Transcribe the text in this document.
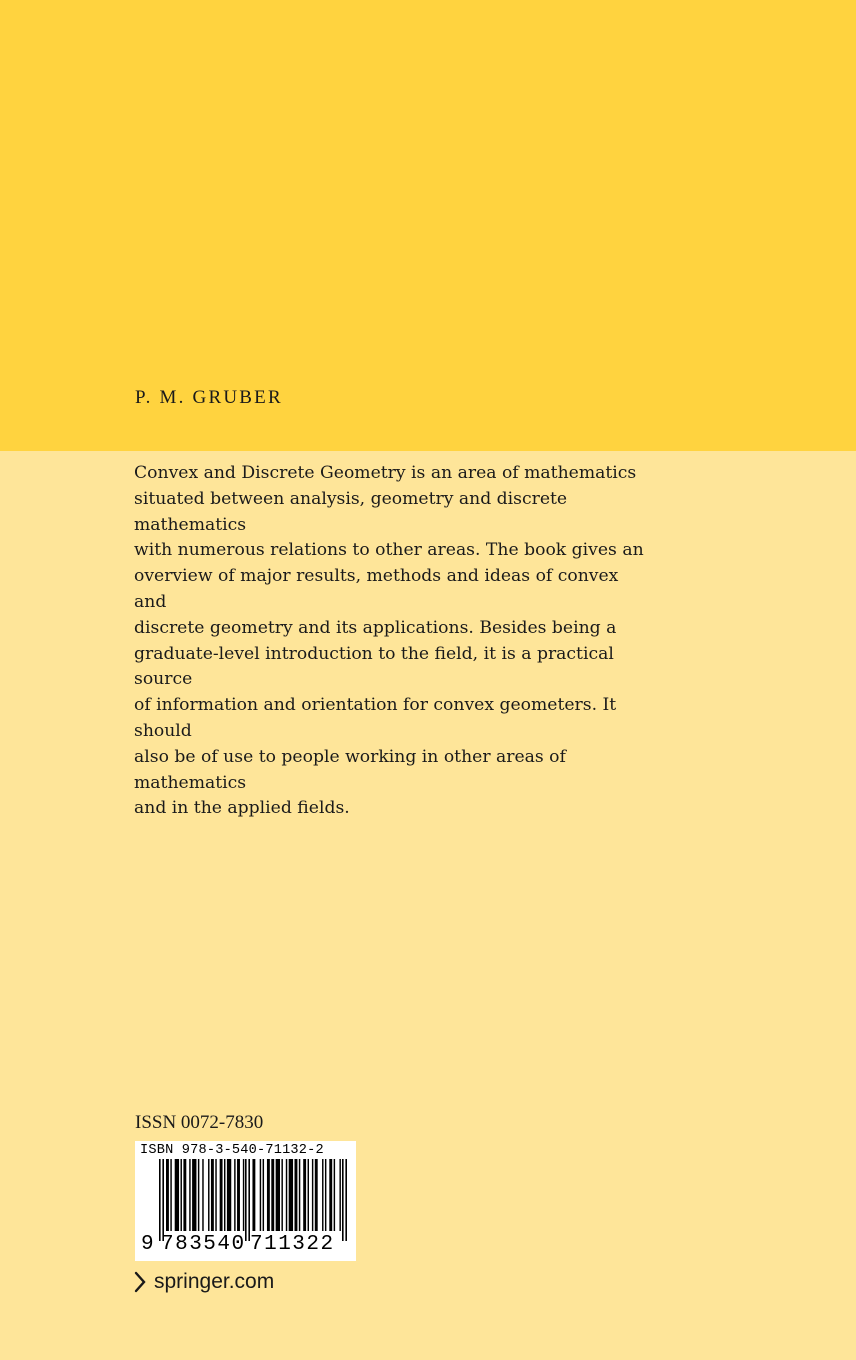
P. M. GRUBER
Convex and Discrete Geometry is an area of mathematics
situated between analysis, geometry and discrete mathematics
with numerous relations to other areas. The book gives an
overview of major results, methods and ideas of convex and
discrete geometry and its applications. Besides being a
graduate-level introduction to the field, it is a practical source
of information and orientation for convex geometers. It should
also be of use to people working in other areas of mathematics
and in the applied fields.
ISSN 0072-7830
ISBN 978-3-540-71132-2
9 783540 711322
springer.com
